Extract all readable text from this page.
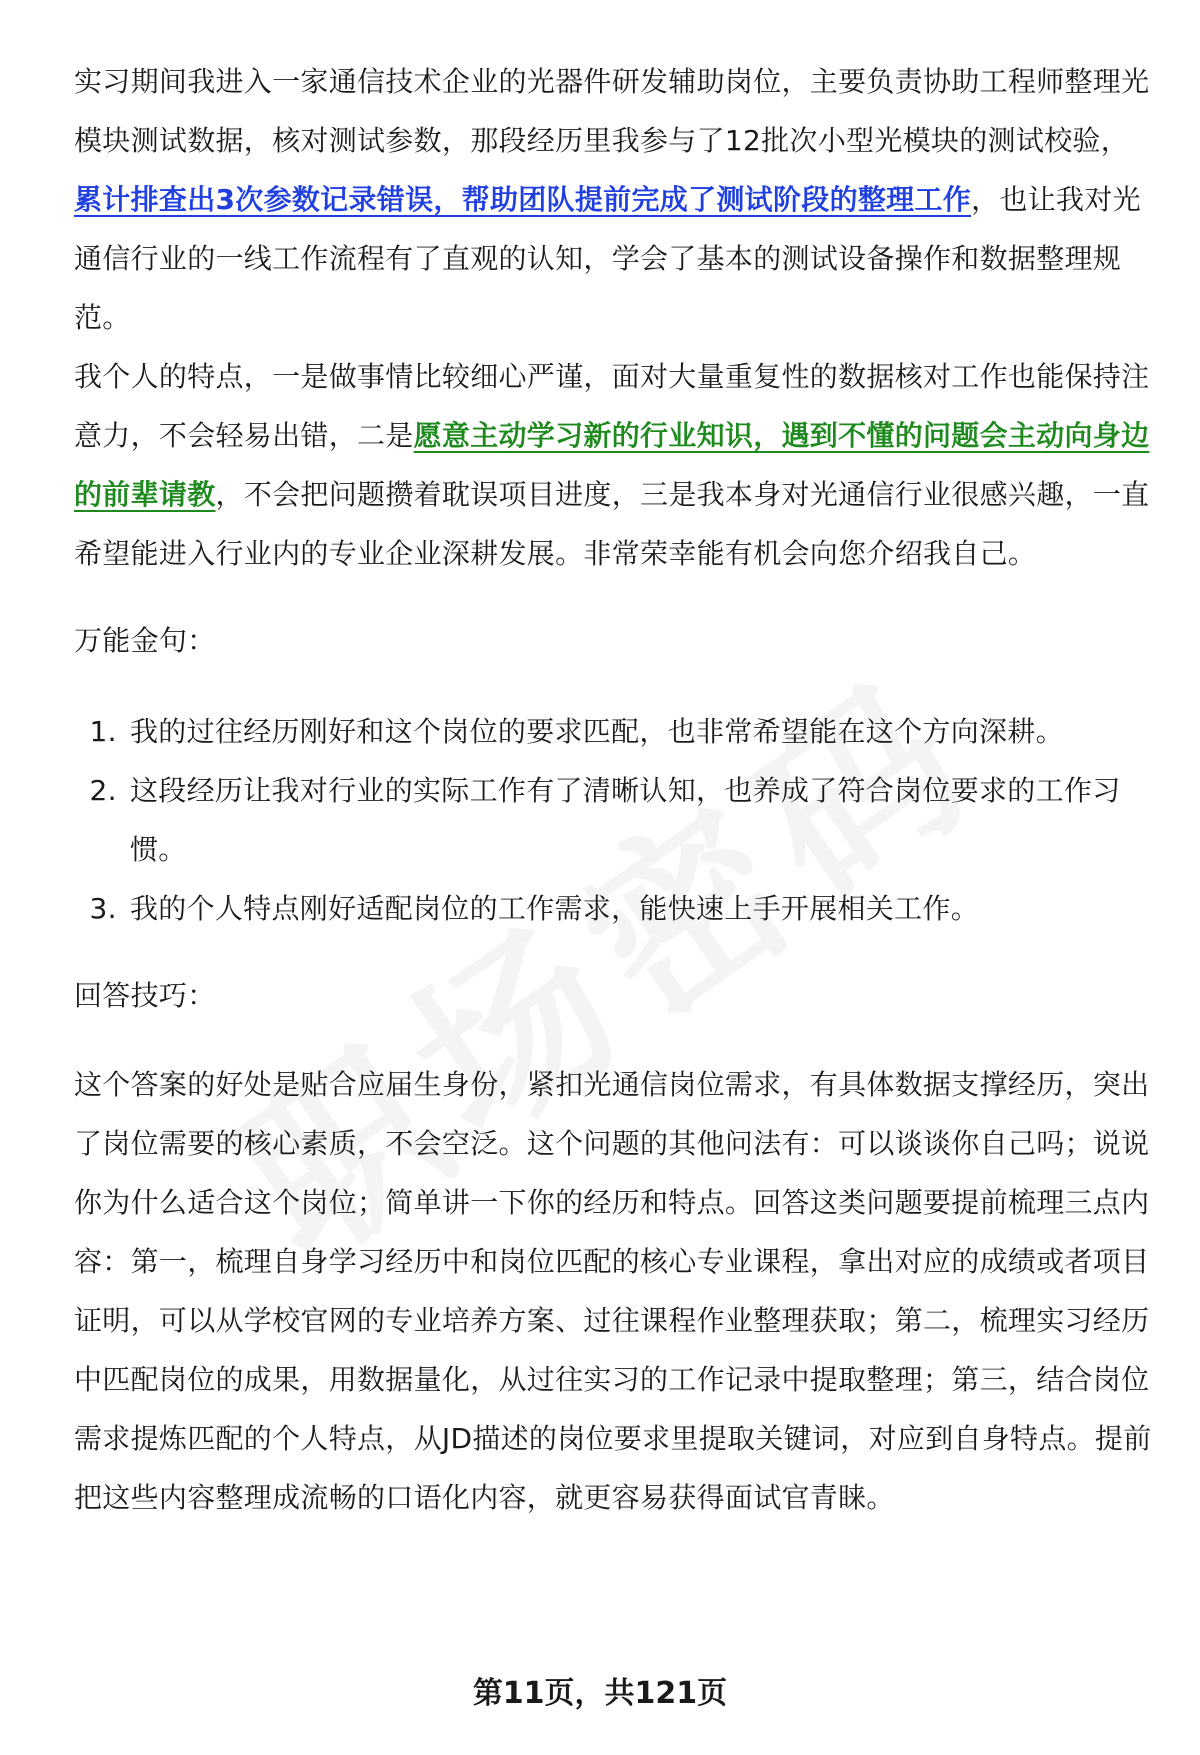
实习期间我进入一家通信技术企业的光器件研发辅助岗位，主要负责协助工程师整理光模块测试数据，核对测试参数，那段经历里我参与了12批次小型光模块的测试校验，累计排查出3次参数记录错误，帮助团队提前完成了测试阶段的整理工作，也让我对光通信行业的一线工作流程有了直观的认知，学会了基本的测试设备操作和数据整理规范。

我个人的特点，一是做事情比较细心严谨，面对大量重复性的数据核对工作也能保持注意力，不会轻易出错，二是愿意主动学习新的行业知识，遇到不懂的问题会主动向身边的前辈请教，不会把问题攒着耽误项目进度，三是我本身对光通信行业很感兴趣，一直希望能进入行业内的专业企业深耕发展。非常荣幸能有机会向您介绍我自己。

万能金句：

1. 我的过往经历刚好和这个岗位的要求匹配，也非常希望能在这个方向深耕。
2. 这段经历让我对行业的实际工作有了清晰认知，也养成了符合岗位要求的工作习惯。
3. 我的个人特点刚好适配岗位的工作需求，能快速上手开展相关工作。

回答技巧：

这个答案的好处是贴合应届生身份，紧扣光通信岗位需求，有具体数据支撑经历，突出了岗位需要的核心素质，不会空泛。这个问题的其他问法有：可以谈谈你自己吗；说说你为什么适合这个岗位；简单讲一下你的经历和特点。回答这类问题要提前梳理三点内容：第一，梳理自身学习经历中和岗位匹配的核心专业课程，拿出对应的成绩或者项目证明，可以从学校官网的专业培养方案、过往课程作业整理获取；第二，梳理实习经历中匹配岗位的成果，用数据量化，从过往实习的工作记录中提取整理；第三，结合岗位需求提炼匹配的个人特点，从JD描述的岗位要求里提取关键词，对应到自身特点。提前把这些内容整理成流畅的口语化内容，就更容易获得面试官青睐。

第11页，共121页
